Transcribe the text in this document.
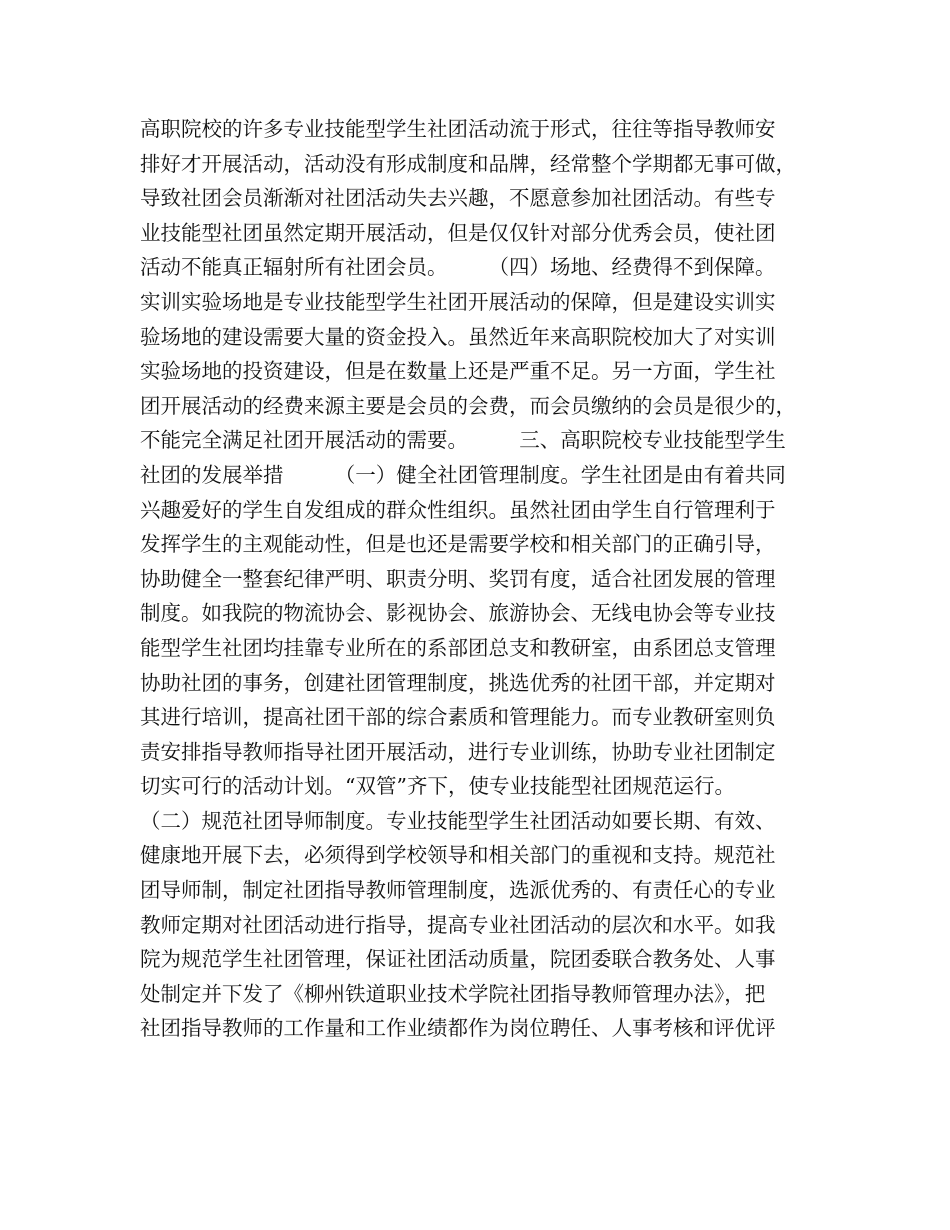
高职院校的许多专业技能型学生社团活动流于形式，往往等指导教师安
排好才开展活动，活动没有形成制度和品牌，经常整个学期都无事可做，
导致社团会员渐渐对社团活动失去兴趣，不愿意参加社团活动。有些专
业技能型社团虽然定期开展活动，但是仅仅针对部分优秀会员，使社团
活动不能真正辐射所有社团会员。　　　（四）场地、经费得不到保障。
实训实验场地是专业技能型学生社团开展活动的保障，但是建设实训实
验场地的建设需要大量的资金投入。虽然近年来高职院校加大了对实训
实验场地的投资建设，但是在数量上还是严重不足。另一方面，学生社
团开展活动的经费来源主要是会员的会费，而会员缴纳的会员是很少的，
不能完全满足社团开展活动的需要。　　　三、高职院校专业技能型学生
社团的发展举措　　　（一）健全社团管理制度。学生社团是由有着共同
兴趣爱好的学生自发组成的群众性组织。虽然社团由学生自行管理利于
发挥学生的主观能动性，但是也还是需要学校和相关部门的正确引导，
协助健全一整套纪律严明、职责分明、奖罚有度，适合社团发展的管理
制度。如我院的物流协会、影视协会、旅游协会、无线电协会等专业技
能型学生社团均挂靠专业所在的系部团总支和教研室，由系团总支管理
协助社团的事务，创建社团管理制度，挑选优秀的社团干部，并定期对
其进行培训，提高社团干部的综合素质和管理能力。而专业教研室则负
责安排指导教师指导社团开展活动，进行专业训练，协助专业社团制定
切实可行的活动计划。“双管”齐下，使专业技能型社团规范运行。
（二）规范社团导师制度。专业技能型学生社团活动如要长期、有效、
健康地开展下去，必须得到学校领导和相关部门的重视和支持。规范社
团导师制，制定社团指导教师管理制度，选派优秀的、有责任心的专业
教师定期对社团活动进行指导，提高专业社团活动的层次和水平。如我
院为规范学生社团管理，保证社团活动质量，院团委联合教务处、人事
处制定并下发了《柳州铁道职业技术学院社团指导教师管理办法》，把
社团指导教师的工作量和工作业绩都作为岗位聘任、人事考核和评优评
